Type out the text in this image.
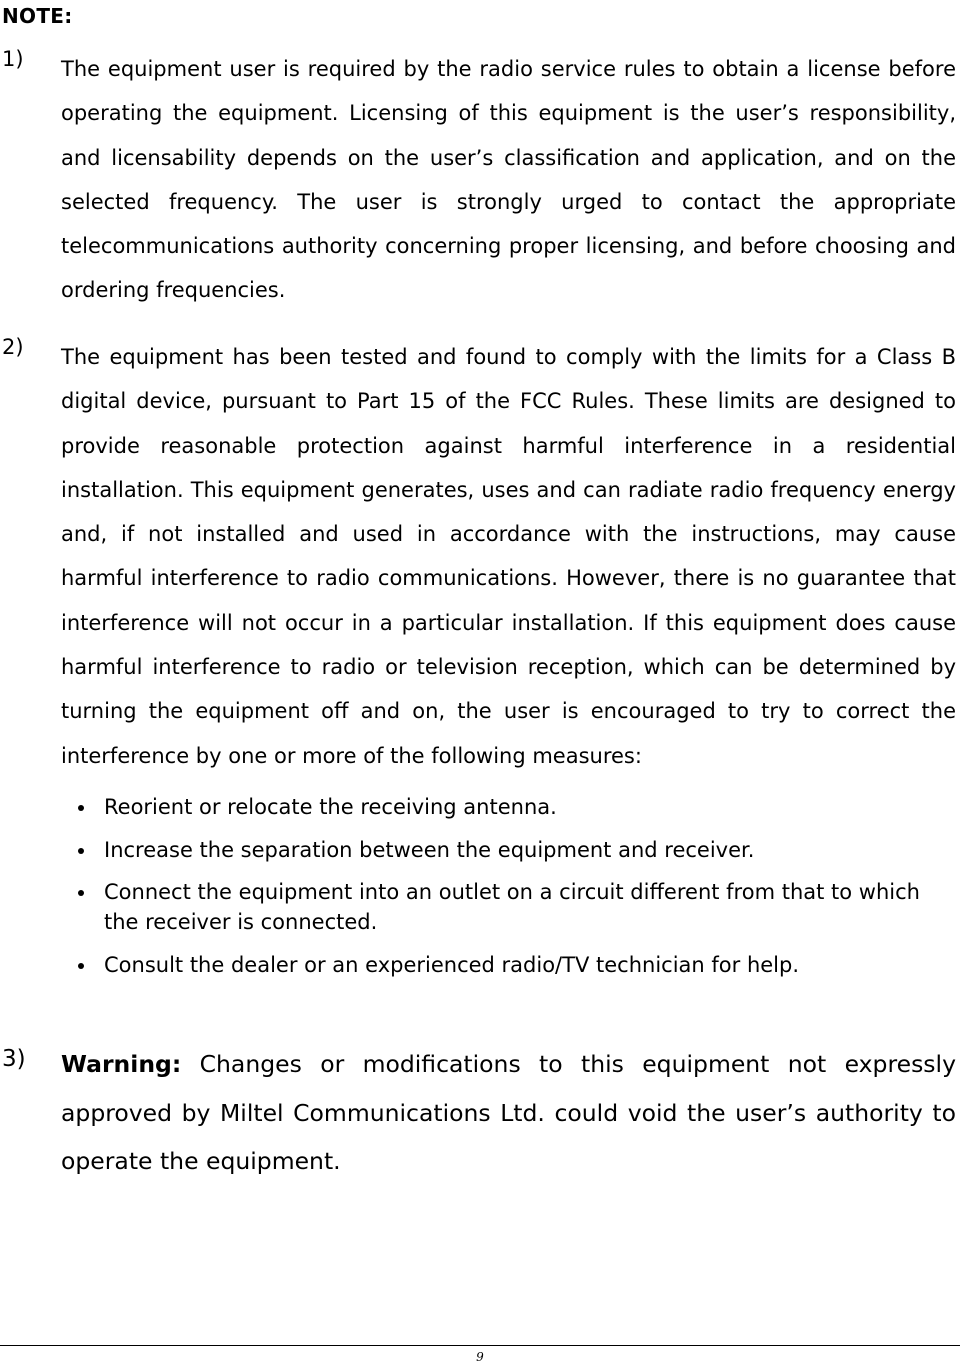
NOTE:
1) The equipment user is required by the radio service rules to obtain a license before operating the equipment. Licensing of this equipment is the user’s responsibility, and licensability depends on the user’s classification and application, and on the selected frequency. The user is strongly urged to contact the appropriate telecommunications authority concerning proper licensing, and before choosing and ordering frequencies.
2) The equipment has been tested and found to comply with the limits for a Class B digital device, pursuant to Part 15 of the FCC Rules. These limits are designed to provide reasonable protection against harmful interference in a residential installation. This equipment generates, uses and can radiate radio frequency energy and, if not installed and used in accordance with the instructions, may cause harmful interference to radio communications. However, there is no guarantee that interference will not occur in a particular installation. If this equipment does cause harmful interference to radio or television reception, which can be determined by turning the equipment off and on, the user is encouraged to try to correct the interference by one or more of the following measures:
Reorient or relocate the receiving antenna.
Increase the separation between the equipment and receiver.
Connect the equipment into an outlet on a circuit different from that to which the receiver is connected.
Consult the dealer or an experienced radio/TV technician for help.
3) Warning: Changes or modifications to this equipment not expressly approved by Miltel Communications Ltd. could void the user’s authority to operate the equipment.
9
